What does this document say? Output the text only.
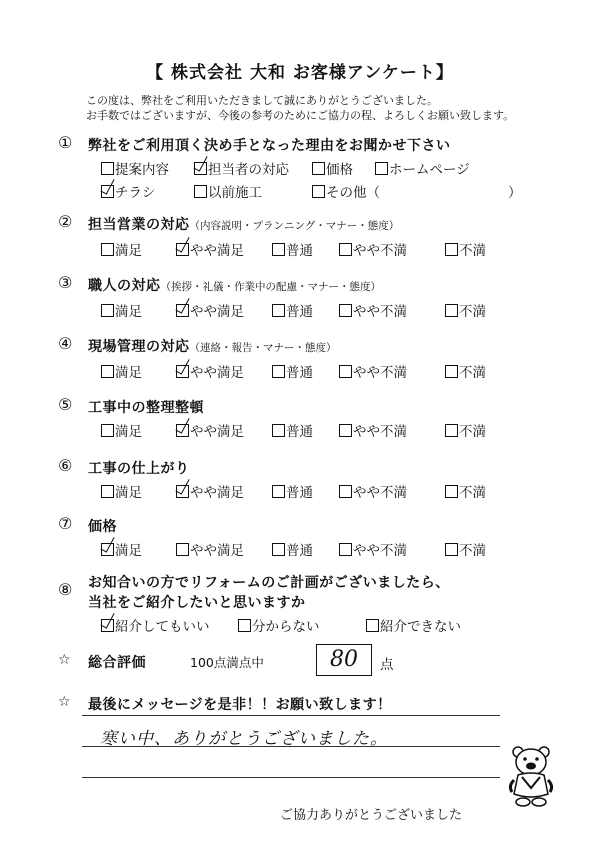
【 株式会社 大和 お客様アンケート】
この度は、弊社をご利用いただきまして誠にありがとうございました。
お手数ではございますが、今後の参考のためにご協力の程、よろしくお願い致します。
① 弊社をご利用頂く決め手となった理由をお聞かせ下さい
提案内容	担当者の対応	価格	ホームページ
チラシ	以前施工	その他（	）
② 担当営業の対応（内容説明・プランニング・マナー・態度）
満足	やや満足	普通	やや不満	不満
③ 職人の対応（挨拶・礼儀・作業中の配慮・マナー・態度）
満足	やや満足	普通	やや不満	不満
④ 現場管理の対応（連絡・報告・マナー・態度）
満足	やや満足	普通	やや不満	不満
⑤ 工事中の整理整頓
満足	やや満足	普通	やや不満	不満
⑥ 工事の仕上がり
満足	やや満足	普通	やや不満	不満
⑦ 価格
満足	やや満足	普通	やや不満	不満
⑧ お知合いの方でリフォームのご計画がございましたら、
当社をご紹介したいと思いますか
紹介してもいい	分からない	紹介できない
☆ 総合評価	100点満点中	80	点
☆ 最後にメッセージを是非！！お願い致します！
寒い中、ありがとうございました。
ご協力ありがとうございました
